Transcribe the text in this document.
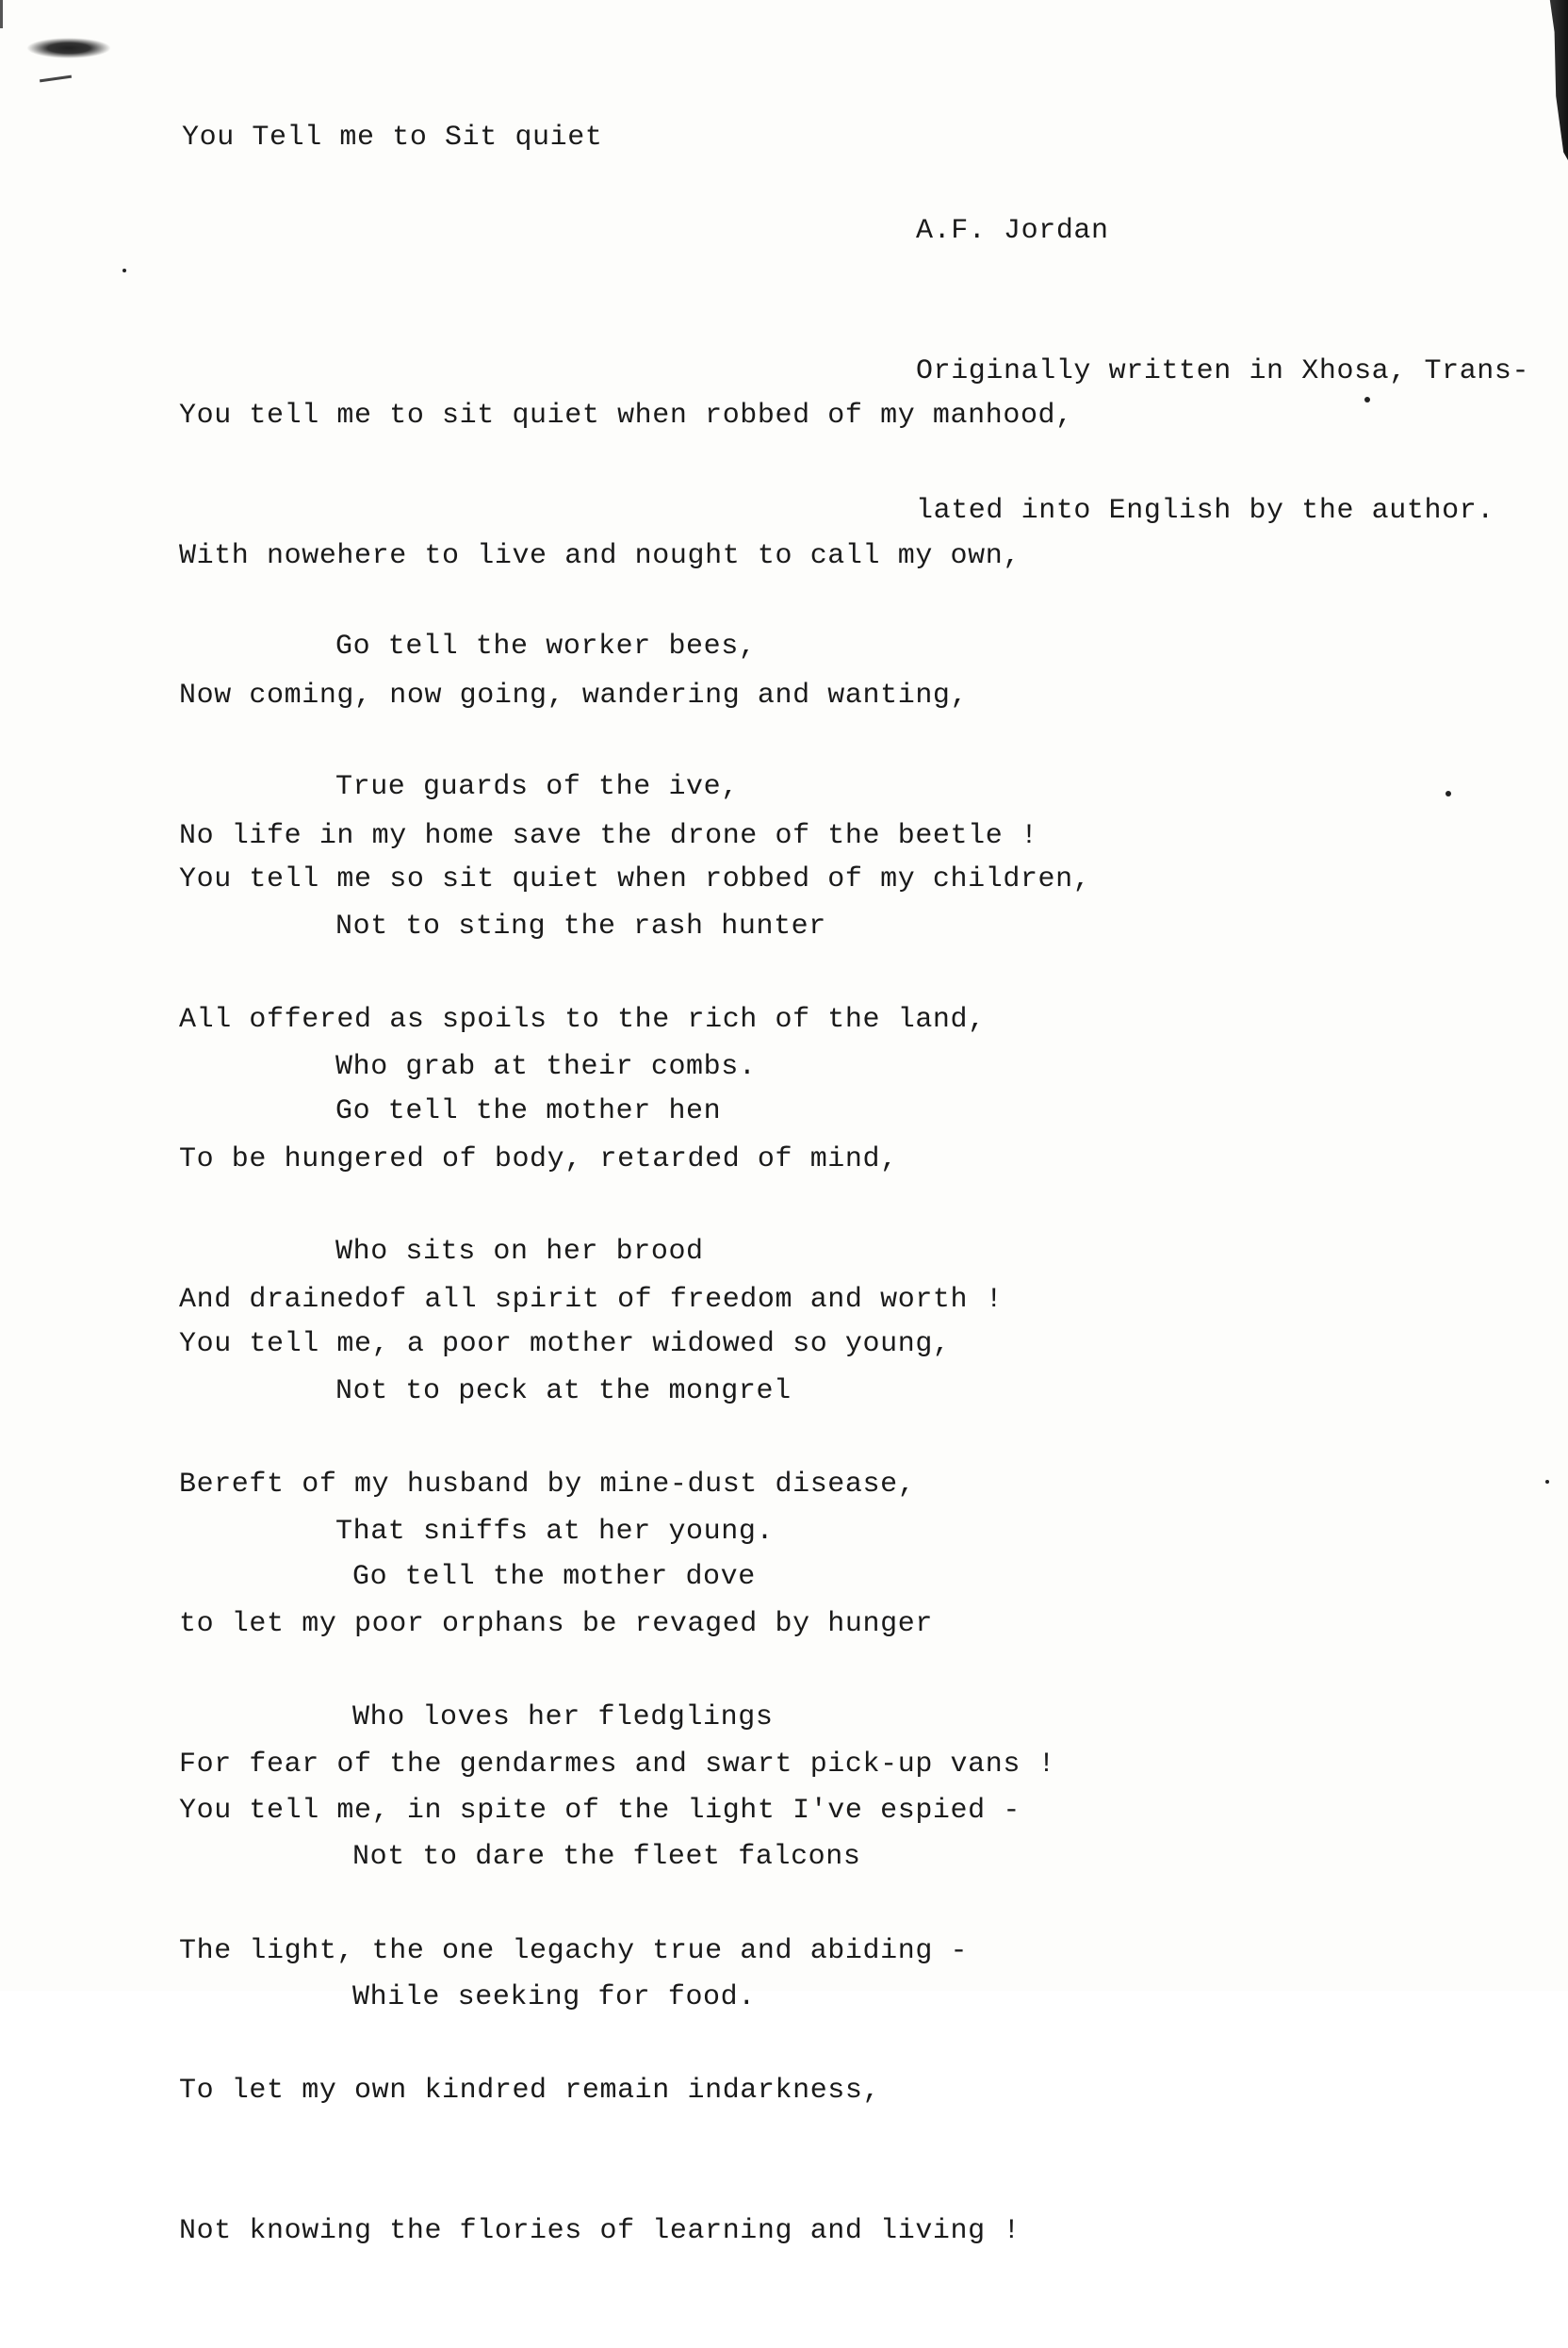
You Tell me to Sit quiet

A.F. Jordan

Originally written in Xhosa, Trans-

lated into English by the author.

You tell me to sit quiet when robbed of my manhood,

With nowehere to live and nought to call my own,

Now coming, now going, wandering and wanting,

No life in my home save the drone of the beetle !

Go tell the worker bees,

True guards of the ive,

Not to sting the rash hunter

Who grab at their combs.

You tell me so sit quiet when robbed of my children,

All offered as spoils to the rich of the land,

To be hungered of body, retarded of mind,

And drainedof all spirit of freedom and worth !

Go tell the mother hen

Who sits on her brood

Not to peck at the mongrel

That sniffs at her young.

You tell me, a poor mother widowed so young,

Bereft of my husband by mine-dust disease,

to let my poor orphans be revaged by hunger

For fear of the gendarmes and swart pick-up vans !

Go tell the mother dove

Who loves her fledglings

Not to dare the fleet falcons

While seeking for food.

You tell me, in spite of the light I've espied -

The light, the one legachy true and abiding -

To let my own kindred remain indarkness,

Not knowing the flories of learning and living !
